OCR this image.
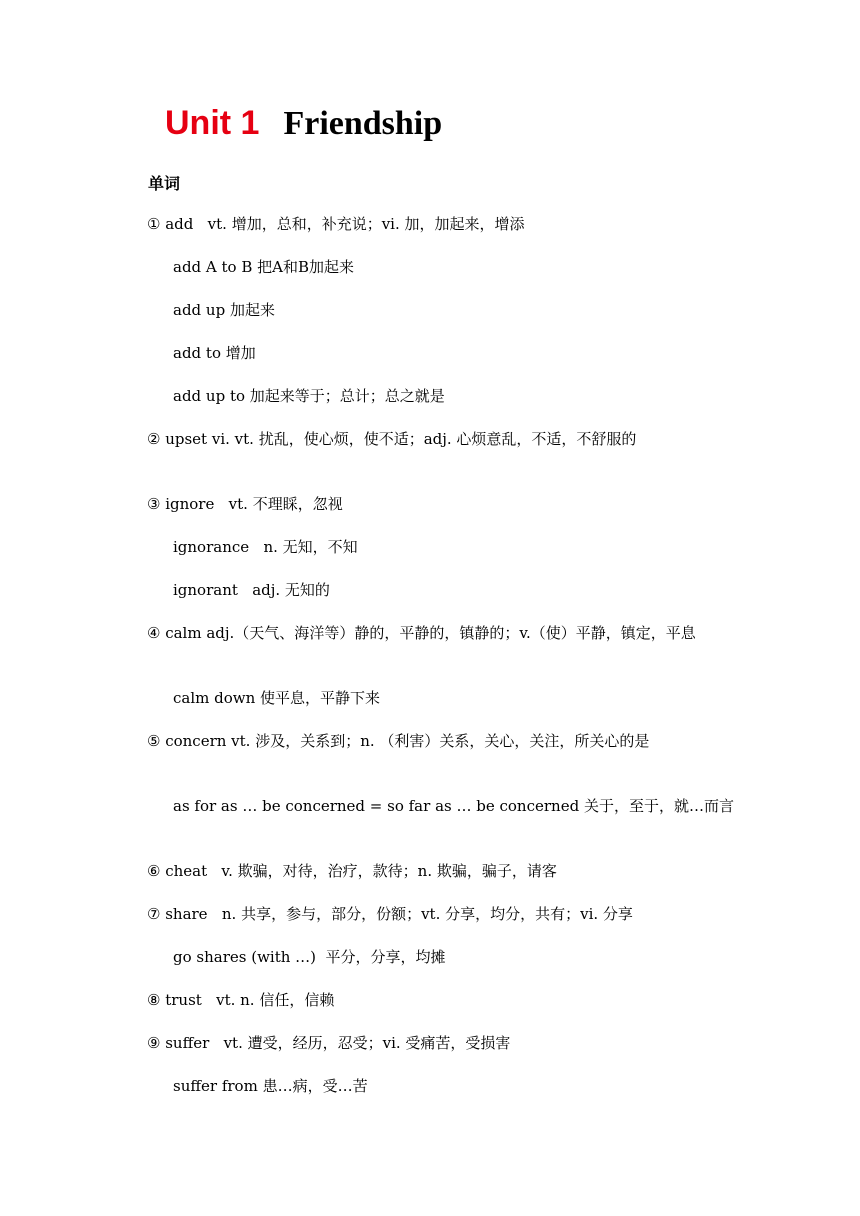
Unit 1 Friendship
单词
① add   vt. 增加，总和，补充说；vi. 加，加起来，增添
add A to B 把A和B加起来
add up 加起来
add to 增加
add up to 加起来等于；总计；总之就是
② upset vi. vt. 扰乱，使心烦，使不适；adj. 心烦意乱，不适，不舒服的
③ ignore   vt. 不理睬，忽视
ignorance   n. 无知，不知
ignorant   adj. 无知的
④ calm adj.（天气、海洋等）静的，平静的，镇静的；v.（使）平静，镇定，平息
calm down 使平息，平静下来
⑤ concern vt. 涉及，关系到；n. （利害）关系，关心，关注，所关心的是
as for as … be concerned = so far as … be concerned 关于，至于，就…而言
⑥ cheat   v. 欺骗，对待，治疗，款待；n. 欺骗，骗子，请客
⑦ share   n. 共享，参与，部分，份额；vt. 分享，均分，共有；vi. 分享
go shares (with …)  平分，分享，均摊
⑧ trust   vt. n. 信任，信赖
⑨ suffer   vt. 遭受，经历，忍受；vi. 受痛苦，受损害
suffer from 患…病，受…苦
